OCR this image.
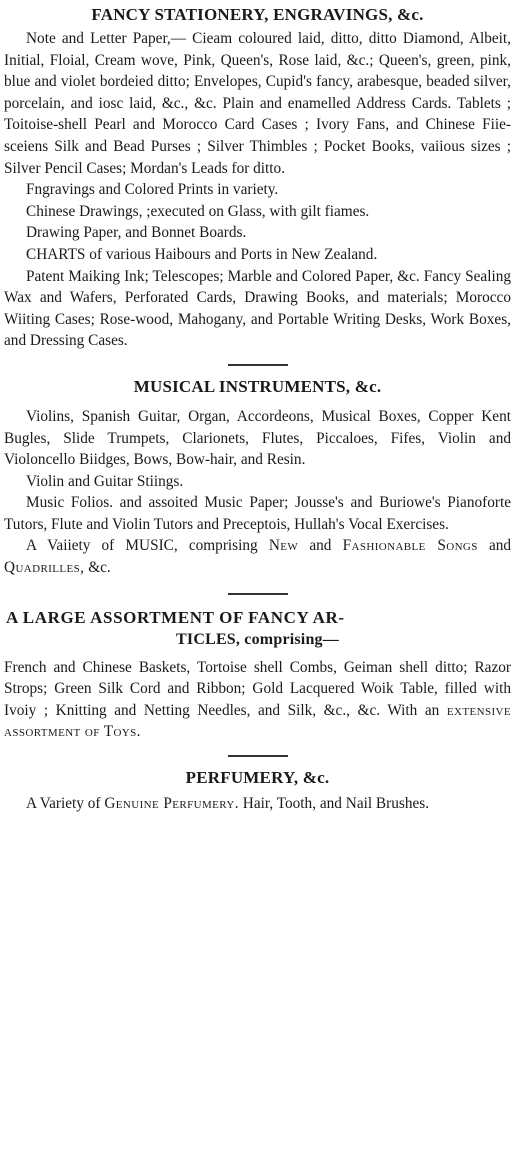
FANCY STATIONERY, ENGRAVINGS, &c.

Note and Letter Paper,— Cieam coloured laid, ditto, ditto Diamond, Albeit, Initial, Floial, Cream wove, Pink, Queen's, Rose laid, &c.; Queen's, green, pink, blue and violet bordeied ditto; Envelopes, Cupid's fancy, arabesque, beaded silver, porcelain, and iosc laid, &c., &c. Plain and enamelled Address Cards. Tablets ; Toitoise-shell Pearl and Morocco Card Cases ; Ivory Fans, and Chinese Fiie-sceiens Silk and Bead Purses ; Silver Thimbles ; Pocket Books, vaiious sizes ; Silver Pencil Cases; Mordan's Leads for ditto.

Fngravings and Colored Prints in variety.

Chinese Drawings, ;executed on Glass, with gilt fiames.

Drawing Paper, and Bonnet Boards.

CHARTS of various Haibours and Ports in New Zealand.

Patent Maiking Ink; Telescopes; Marble and Colored Paper, &c. Fancy Sealing Wax and Wafers, Perforated Cards, Drawing Books, and materials; Morocco Wiiting Cases; Rose-wood, Mahogany, and Portable Writing Desks, Work Boxes, and Dressing Cases.

MUSICAL INSTRUMENTS, &c.

Violins, Spanish Guitar, Organ, Accordeons, Musical Boxes, Copper Kent Bugles, Slide Trumpets, Clarionets, Flutes, Piccaloes, Fifes, Violin and Violoncello Biidges, Bows, Bow-hair, and Resin.

Violin and Guitar Stiings.

Music Folios. and assoited Music Paper; Jousse's and Buriowe's Pianoforte Tutors, Flute and Violin Tutors and Preceptois, Hullah's Vocal Exercises.

A Vaiiety of MUSIC, comprising New and Fashionable Songs and Quadrilles, &c.

A LARGE ASSORTMENT OF FANCY AR-
TICLES, comprising—

French and Chinese Baskets, Tortoise shell Combs, Geiman shell ditto; Razor Strops; Green Silk Cord and Ribbon; Gold Lacquered Woik Table, filled with Ivoiy ; Knitting and Netting Needles, and Silk, &c., &c. With an extensive assortment of Toys.

PERFUMERY, &c.

A Variety of Genuine Perfumery. Hair, Tooth, and Nail Brushes.
